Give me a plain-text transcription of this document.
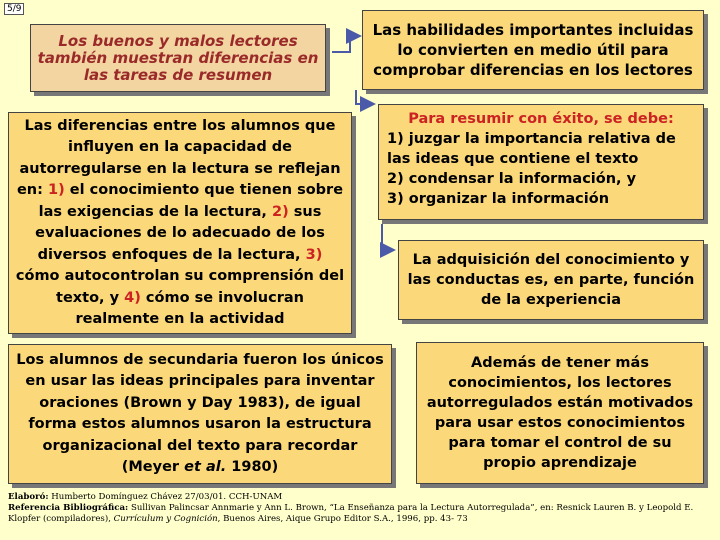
5/9
Los buenos y malos lectores también muestran diferencias en las tareas de resumen
Las habilidades importantes incluidas lo convierten en medio útil para comprobar diferencias en los lectores
Las diferencias entre los alumnos que influyen en la capacidad de autorregularse en la lectura se reflejan en: 1) el conocimiento que tienen sobre las exigencias de la lectura, 2) sus evaluaciones de lo adecuado de los diversos enfoques de la lectura, 3) cómo autocontrolan su comprensión del texto, y 4) cómo se involucran realmente en la actividad
Para resumir con éxito, se debe:
1) juzgar la importancia relativa de las ideas que contiene el texto
2) condensar la información, y
3) organizar la información
La adquisición del conocimiento y las conductas es, en parte, función de la experiencia
Los alumnos de secundaria fueron los únicos en usar las ideas principales para inventar oraciones (Brown y Day 1983), de igual forma estos alumnos usaron la estructura organizacional del texto para recordar (Meyer et al. 1980)
Además de tener más conocimientos, los lectores autorregulados están motivados para usar estos conocimientos para tomar el control de su propio aprendizaje
Elaboró: Humberto Domínguez Chávez 27/03/01. CCH-UNAM
Referencia Bibliográfica: Sullivan Palincsar Annmarie y Ann L. Brown, “La Enseñanza para la Lectura Autorregulada”, en: Resnick Lauren B. y Leopold E. Klopfer (compiladores), Currículum y Cognición, Buenos Aires, Aique Grupo Editor S.A., 1996, pp. 43- 73
